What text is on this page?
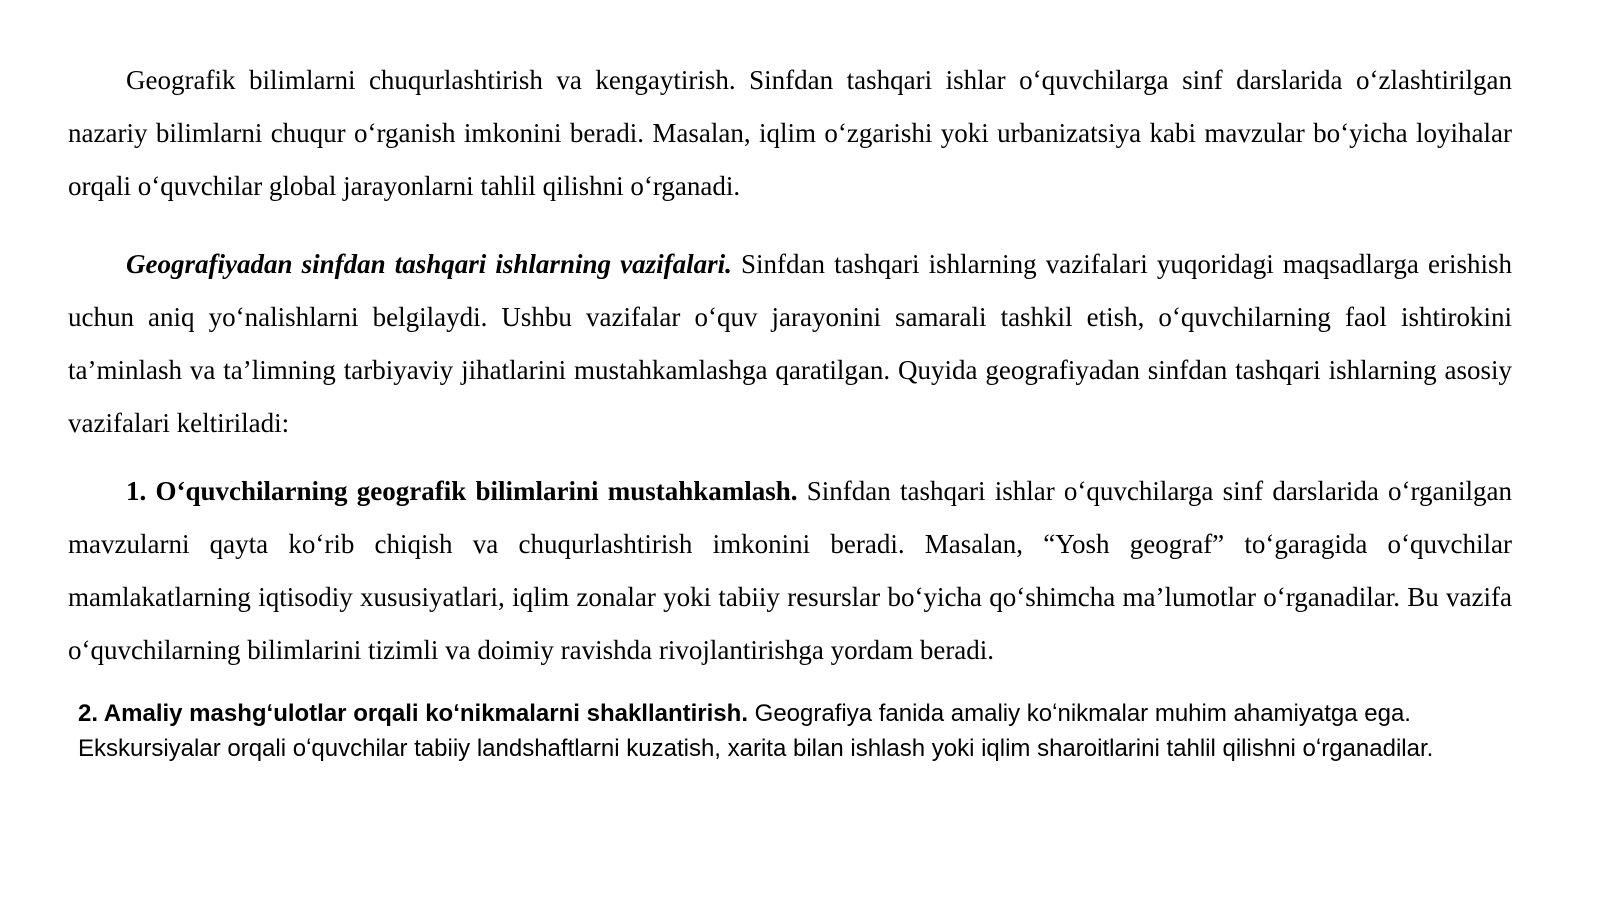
Geografik bilimlarni chuqurlashtirish va kengaytirish. Sinfdan tashqari ishlar oʻquvchilarga sinf darslarida oʻzlashtirilgan nazariy bilimlarni chuqur oʻrganish imkonini beradi. Masalan, iqlim oʻzgarishi yoki urbanizatsiya kabi mavzular boʻyicha loyihalar orqali oʻquvchilar global jarayonlarni tahlil qilishni oʻrganadi.

Geografiyadan sinfdan tashqari ishlarning vazifalari. Sinfdan tashqari ishlarning vazifalari yuqoridagi maqsadlarga erishish uchun aniq yoʻnalishlarni belgilaydi. Ushbu vazifalar oʻquv jarayonini samarali tashkil etish, oʻquvchilarning faol ishtirokini ta’minlash va ta’limning tarbiyaviy jihatlarini mustahkamlashga qaratilgan. Quyida geografiyadan sinfdan tashqari ishlarning asosiy vazifalari keltiriladi:

1. Oʻquvchilarning geografik bilimlarini mustahkamlash. Sinfdan tashqari ishlar oʻquvchilarga sinf darslarida oʻrganilgan mavzularni qayta koʻrib chiqish va chuqurlashtirish imkonini beradi. Masalan, “Yosh geograf” toʻgaragida oʻquvchilar mamlakatlarning iqtisodiy xususiyatlari, iqlim zonalar yoki tabiiy resurslar boʻyicha qoʻshimcha ma’lumotlar oʻrganadilar. Bu vazifa oʻquvchilarning bilimlarini tizimli va doimiy ravishda rivojlantirishga yordam beradi.

2. Amaliy mashgʻulotlar orqali koʻnikmalarni shakllantirish. Geografiya fanida amaliy koʻnikmalar muhim ahamiyatga ega. Ekskursiyalar orqali oʻquvchilar tabiiy landshaftlarni kuzatish, xarita bilan ishlash yoki iqlim sharoitlarini tahlil qilishni oʻrganadilar.
